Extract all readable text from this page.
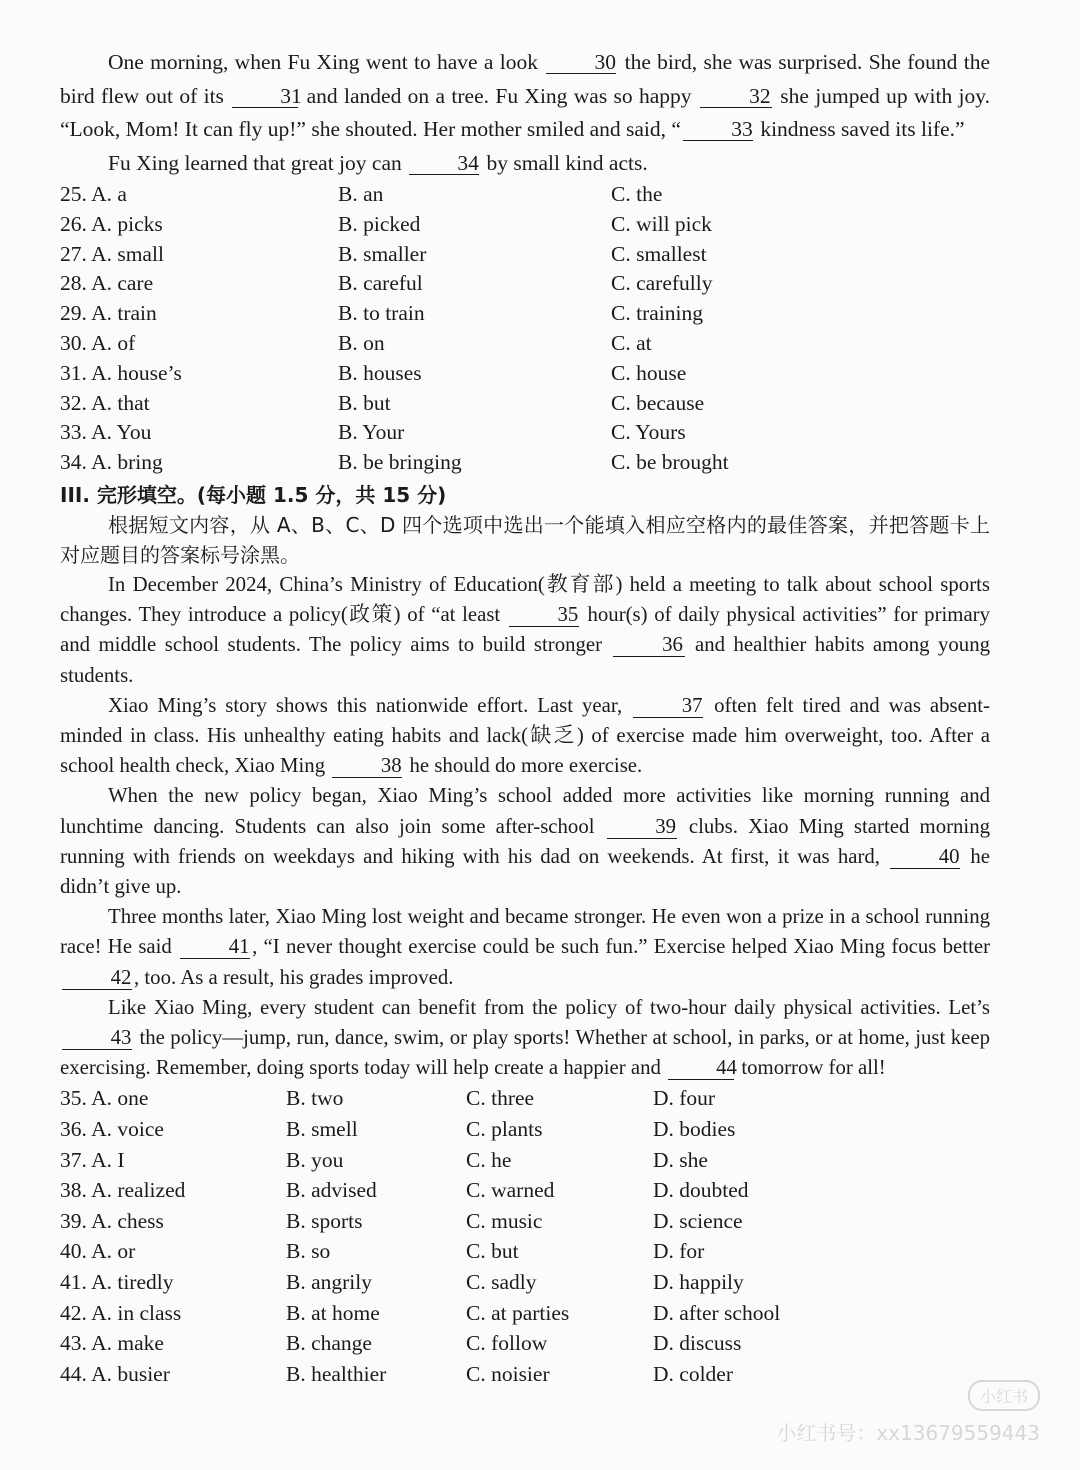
One morning, when Fu Xing went to have a look 30 the bird, she was surprised. She found the bird flew out of its 31 and landed on a tree. Fu Xing was so happy 32 she jumped up with joy. “Look, Mom! It can fly up!” she shouted. Her mother smiled and said, “ 33 kindness saved its life.”

Fu Xing learned that great joy can 34 by small kind acts.

25. A. a	B. an	C. the
26. A. picks	B. picked	C. will pick
27. A. small	B. smaller	C. smallest
28. A. care	B. careful	C. carefully
29. A. train	B. to train	C. training
30. A. of	B. on	C. at
31. A. house’s	B. houses	C. house
32. A. that	B. but	C. because
33. A. You	B. Your	C. Yours
34. A. bring	B. be bringing	C. be brought
III. 完形填空。(每小题 1.5 分，共 15 分)

根据短文内容，从 A、B、C、D 四个选项中选出一个能填入相应空格内的最佳答案，并把答题卡上对应题目的答案标号涂黑。

In December 2024, China’s Ministry of Education(教育部) held a meeting to talk about school sports changes. They introduce a policy(政策) of “at least 35 hour(s) of daily physical activities” for primary and middle school students. The policy aims to build stronger 36 and healthier habits among young students.

Xiao Ming’s story shows this nationwide effort. Last year, 37 often felt tired and was absent-minded in class. His unhealthy eating habits and lack(缺乏) of exercise made him overweight, too. After a school health check, Xiao Ming 38 he should do more exercise.

When the new policy began, Xiao Ming’s school added more activities like morning running and lunchtime dancing. Students can also join some after-school 39 clubs. Xiao Ming started morning running with friends on weekdays and hiking with his dad on weekends. At first, it was hard, 40 he didn’t give up.

Three months later, Xiao Ming lost weight and became stronger. He even won a prize in a school running race! He said 41 , “I never thought exercise could be such fun.” Exercise helped Xiao Ming focus better 42 , too. As a result, his grades improved.

Like Xiao Ming, every student can benefit from the policy of two-hour daily physical activities. Let’s 43 the policy—jump, run, dance, swim, or play sports! Whether at school, in parks, or at home, just keep exercising. Remember, doing sports today will help create a happier and 44 tomorrow for all!

35. A. one	B. two	C. three	D. four
36. A. voice	B. smell	C. plants	D. bodies
37. A. I	B. you	C. he	D. she
38. A. realized	B. advised	C. warned	D. doubted
39. A. chess	B. sports	C. music	D. science
40. A. or	B. so	C. but	D. for
41. A. tiredly	B. angrily	C. sadly	D. happily
42. A. in class	B. at home	C. at parties	D. after school
43. A. make	B. change	C. follow	D. discuss
44. A. busier	B. healthier	C. noisier	D. colder
小红书
小红书号：xx13679559443
